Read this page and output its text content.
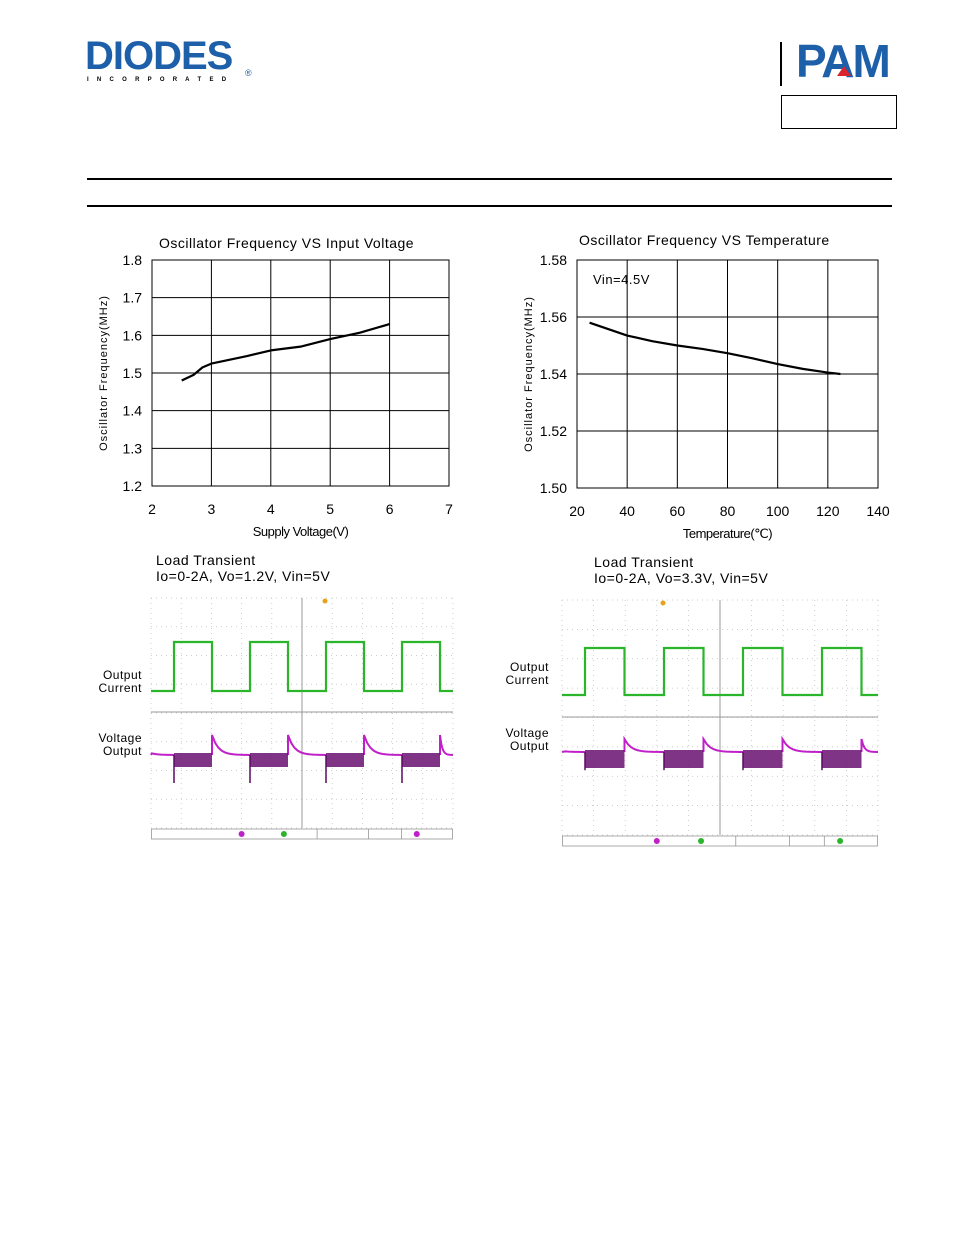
DIODES ®
I N C O R P O R A T E D	PAM
Oscillator Frequency VS Input Voltage
2	3	4	5	6	7
1.8
1.7
1.6
1.5
1.4
1.3
1.2
Supply Voltage(V)
Oscillator Frequency(MHz)
Oscillator Frequency VS Temperature
20 40 60 80 100 120 140
1.58
1.56
1.54
1.52
1.50
Temperature(℃)
Oscillator Frequency(MHz)
Vin=4.5V
Load Transient
Io=0-2A, Vo=1.2V, Vin=5V
Output
Current
Voltage
Output
Load Transient
Io=0-2A, Vo=3.3V, Vin=5V
Output
Current
Voltage
Output
